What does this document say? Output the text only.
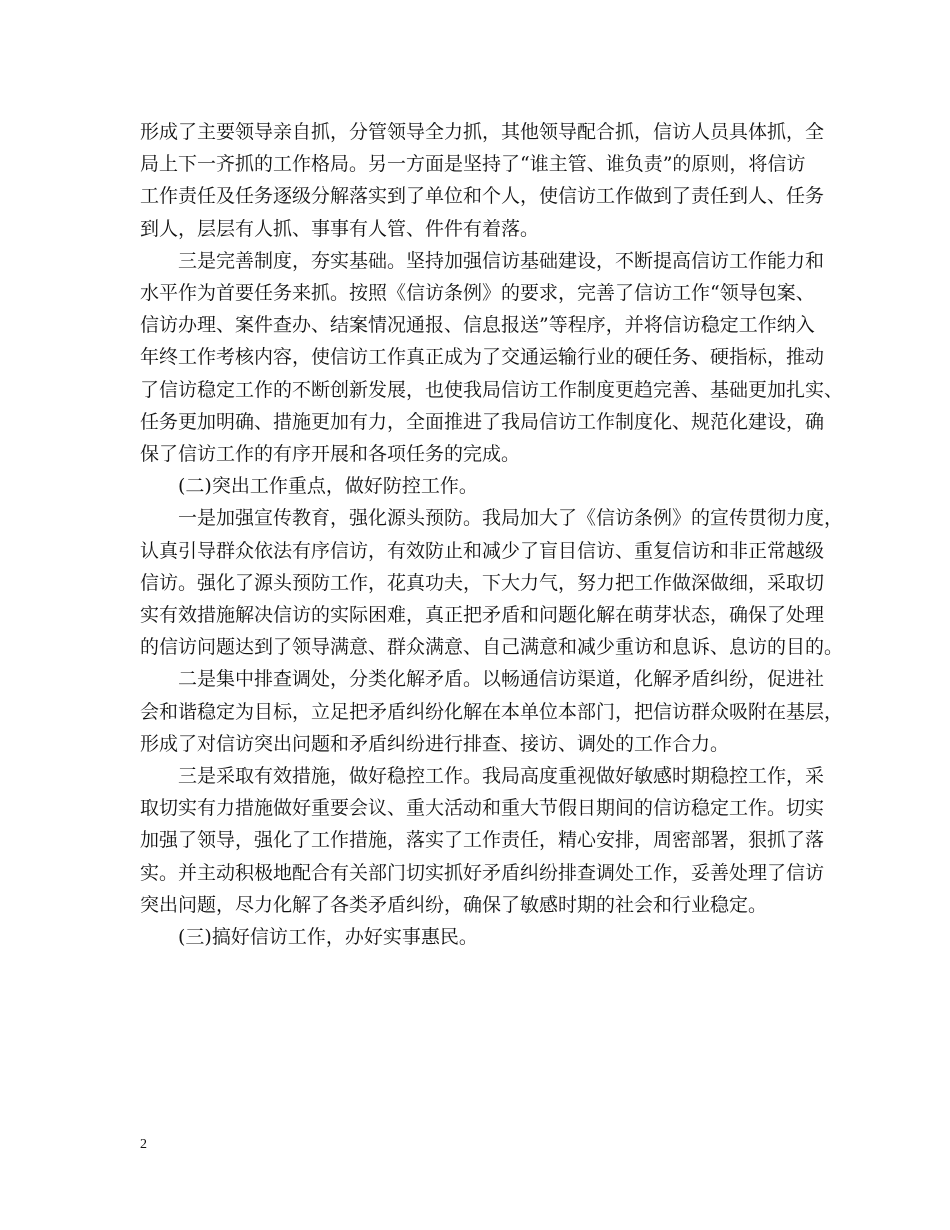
形成了主要领导亲自抓，分管领导全力抓，其他领导配合抓，信访人员具体抓，全
局上下一齐抓的工作格局。另一方面是坚持了“谁主管、谁负责”的原则，将信访
工作责任及任务逐级分解落实到了单位和个人，使信访工作做到了责任到人、任务
到人，层层有人抓、事事有人管、件件有着落。

三是完善制度，夯实基础。坚持加强信访基础建设，不断提高信访工作能力和
水平作为首要任务来抓。按照《信访条例》的要求，完善了信访工作“领导包案、
信访办理、案件查办、结案情况通报、信息报送”等程序，并将信访稳定工作纳入
年终工作考核内容，使信访工作真正成为了交通运输行业的硬任务、硬指标，推动
了信访稳定工作的不断创新发展，也使我局信访工作制度更趋完善、基础更加扎实、
任务更加明确、措施更加有力，全面推进了我局信访工作制度化、规范化建设，确
保了信访工作的有序开展和各项任务的完成。

(二)突出工作重点，做好防控工作。

一是加强宣传教育，强化源头预防。我局加大了《信访条例》的宣传贯彻力度，
认真引导群众依法有序信访，有效防止和减少了盲目信访、重复信访和非正常越级
信访。强化了源头预防工作，花真功夫，下大力气，努力把工作做深做细，采取切
实有效措施解决信访的实际困难，真正把矛盾和问题化解在萌芽状态，确保了处理
的信访问题达到了领导满意、群众满意、自己满意和减少重访和息诉、息访的目的。

二是集中排查调处，分类化解矛盾。以畅通信访渠道，化解矛盾纠纷，促进社
会和谐稳定为目标，立足把矛盾纠纷化解在本单位本部门，把信访群众吸附在基层，
形成了对信访突出问题和矛盾纠纷进行排查、接访、调处的工作合力。

三是采取有效措施，做好稳控工作。我局高度重视做好敏感时期稳控工作，采
取切实有力措施做好重要会议、重大活动和重大节假日期间的信访稳定工作。切实
加强了领导，强化了工作措施，落实了工作责任，精心安排，周密部署，狠抓了落
实。并主动积极地配合有关部门切实抓好矛盾纠纷排查调处工作，妥善处理了信访
突出问题，尽力化解了各类矛盾纠纷，确保了敏感时期的社会和行业稳定。

(三)搞好信访工作，办好实事惠民。

2
